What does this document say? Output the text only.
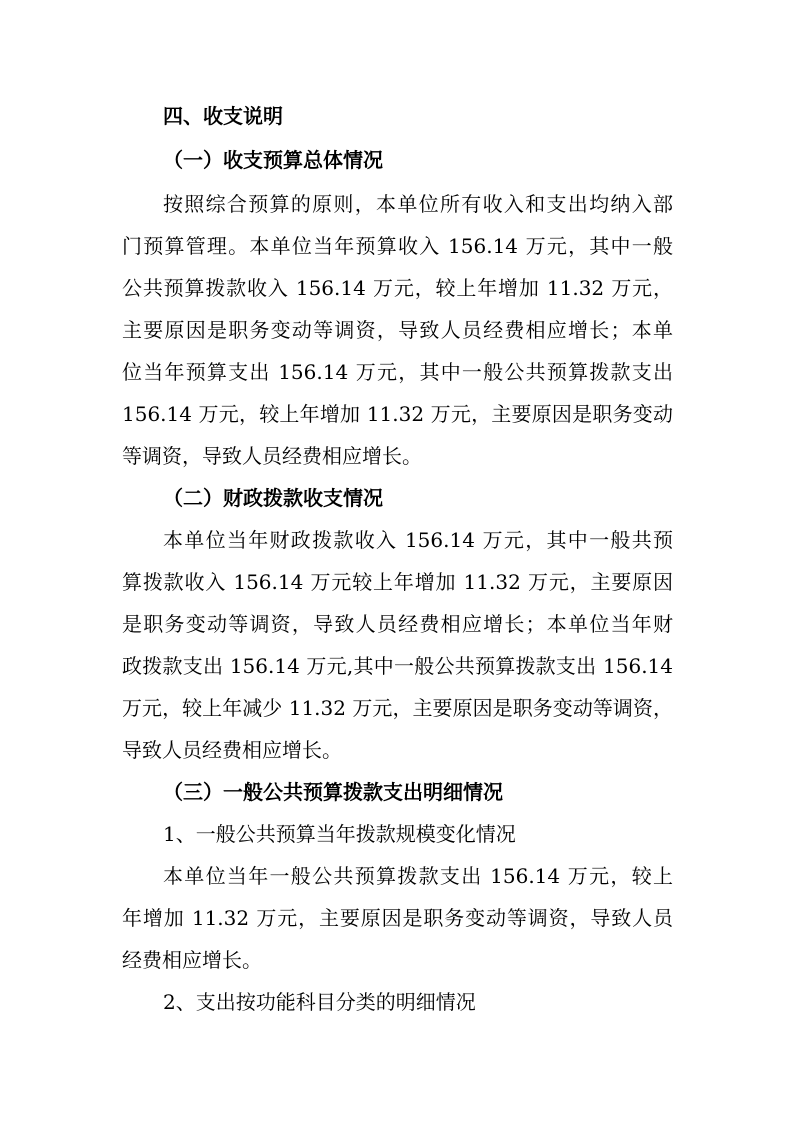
四、收支说明

（一）收支预算总体情况

按照综合预算的原则，本单位所有收入和支出均纳入部

门预算管理。本单位当年预算收入 156.14 万元，其中一般

公共预算拨款收入 156.14 万元，较上年增加 11.32 万元，

主要原因是职务变动等调资，导致人员经费相应增长；本单

位当年预算支出 156.14 万元，其中一般公共预算拨款支出

156.14 万元，较上年增加 11.32 万元，主要原因是职务变动

等调资，导致人员经费相应增长。

（二）财政拨款收支情况

本单位当年财政拨款收入 156.14 万元，其中一般共预

算拨款收入 156.14 万元较上年增加 11.32 万元，主要原因

是职务变动等调资，导致人员经费相应增长；本单位当年财

政拨款支出 156.14 万元,其中一般公共预算拨款支出 156.14

万元，较上年减少 11.32 万元，主要原因是职务变动等调资，

导致人员经费相应增长。

（三）一般公共预算拨款支出明细情况

1、一般公共预算当年拨款规模变化情况

本单位当年一般公共预算拨款支出 156.14 万元，较上

年增加 11.32 万元，主要原因是职务变动等调资，导致人员

经费相应增长。

2、支出按功能科目分类的明细情况
